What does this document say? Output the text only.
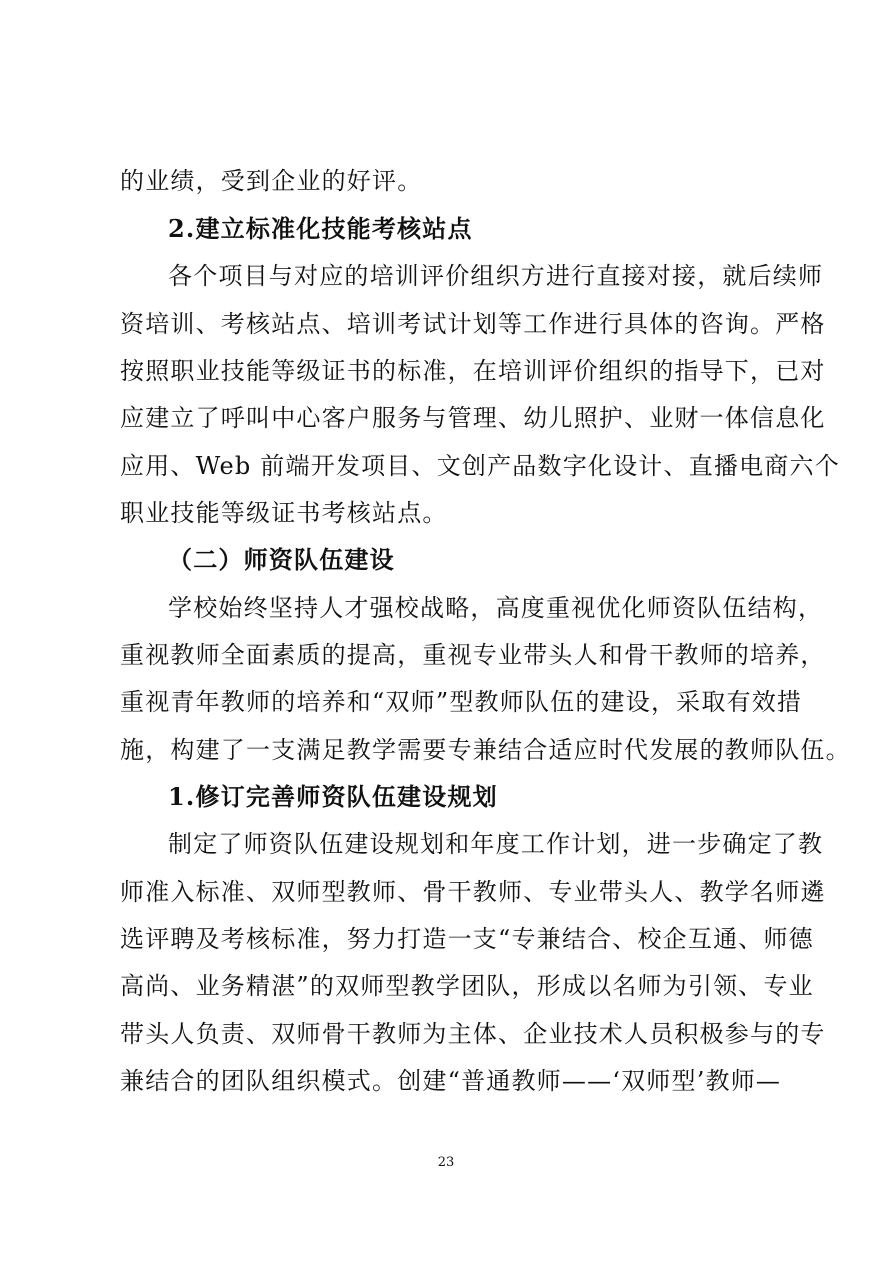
的业绩，受到企业的好评。
2.建立标准化技能考核站点
各个项目与对应的培训评价组织方进行直接对接，就后续师
资培训、考核站点、培训考试计划等工作进行具体的咨询。严格
按照职业技能等级证书的标准，在培训评价组织的指导下，已对
应建立了呼叫中心客户服务与管理、幼儿照护、业财一体信息化
应用、Web 前端开发项目、文创产品数字化设计、直播电商六个
职业技能等级证书考核站点。
（二）师资队伍建设
学校始终坚持人才强校战略，高度重视优化师资队伍结构，
重视教师全面素质的提高，重视专业带头人和骨干教师的培养，
重视青年教师的培养和“双师”型教师队伍的建设，采取有效措
施，构建了一支满足教学需要专兼结合适应时代发展的教师队伍。
1.修订完善师资队伍建设规划
制定了师资队伍建设规划和年度工作计划，进一步确定了教
师准入标准、双师型教师、骨干教师、专业带头人、教学名师遴
选评聘及考核标准，努力打造一支“专兼结合、校企互通、师德
高尚、业务精湛”的双师型教学团队，形成以名师为引领、专业
带头人负责、双师骨干教师为主体、企业技术人员积极参与的专
兼结合的团队组织模式。创建“普通教师——‘双师型’教师—
23
